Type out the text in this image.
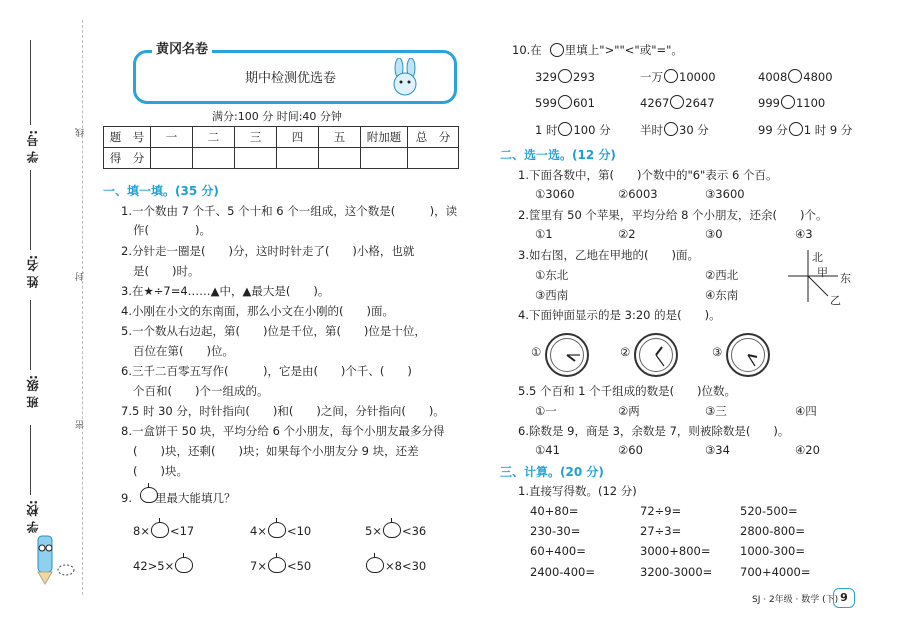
学 号:
姓 名:
班 级:
学 校:
线
封
密
黄冈名卷
期中检测优选卷
满分:100 分 时间:40 分钟
题　号	一	二	三	四	五	附加题	总　分
得　分							
一、填一填。(35 分)
1.一个数由 7 个千、5 个十和 6 个一组成，这个数是(　　　)，读
作(　　　　)。
2.分针走一圈是(　　)分，这时时针走了(　　)小格，也就
是(　　)时。
3.在★÷7=4……▲中，▲最大是(　　)。
4.小刚在小文的东南面，那么小文在小刚的(　　)面。
5.一个数从右边起，第(　　)位是千位，第(　　)位是十位，
百位在第(　　)位。
6.三千二百零五写作(　　　)，它是由(　　)个千、(　　)
个百和(　　)个一组成的。
7.5 时 30 分，时针指向(　　)和(　　)之间，分针指向(　　)。
8.一盒饼干 50 块，平均分给 6 个小朋友，每个小朋友最多分得
(　　)块，还剩(　　)块；如果每个小朋友分 9 块，还差
(　　)块。
9.　　里最大能填几？
8× <17	4× <10	5× <36
42>5×	7× <50	×8<30
10.在　　里填上">""<"或"="。
329 293	一万 10000	4008 4800
599 601	4267 2647	999 1100
1 时 100 分	半时 30 分	99 分 1 时 9 分
二、选一选。(12 分)
1.下面各数中，第(　　)个数中的"6"表示 6 个百。
①3060	②6003	③3600
2.筐里有 50 个苹果，平均分给 8 个小朋友，还余(　　)个。
①1	②2	③0	④3
3.如右图，乙地在甲地的(　　)面。
①东北	②西北
③西南	④东南
北
甲 东
乙
4.下面钟面显示的是 3:20 的是(　　)。
①	②	③
5.5 个百和 1 个千组成的数是(　　)位数。
①一	②两	③三	④四
6.除数是 9，商是 3，余数是 7，则被除数是(　　)。
①41	②60	③34	④20
三、计算。(20 分)
1.直接写得数。(12 分)
40+80=	72÷9=	520-500=
230-30=	27÷3=	2800-800=
60+400=	3000+800=	1000-300=
2400-400=	3200-3000= 700+4000=
SJ · 2年级 · 数学 (下) 9
